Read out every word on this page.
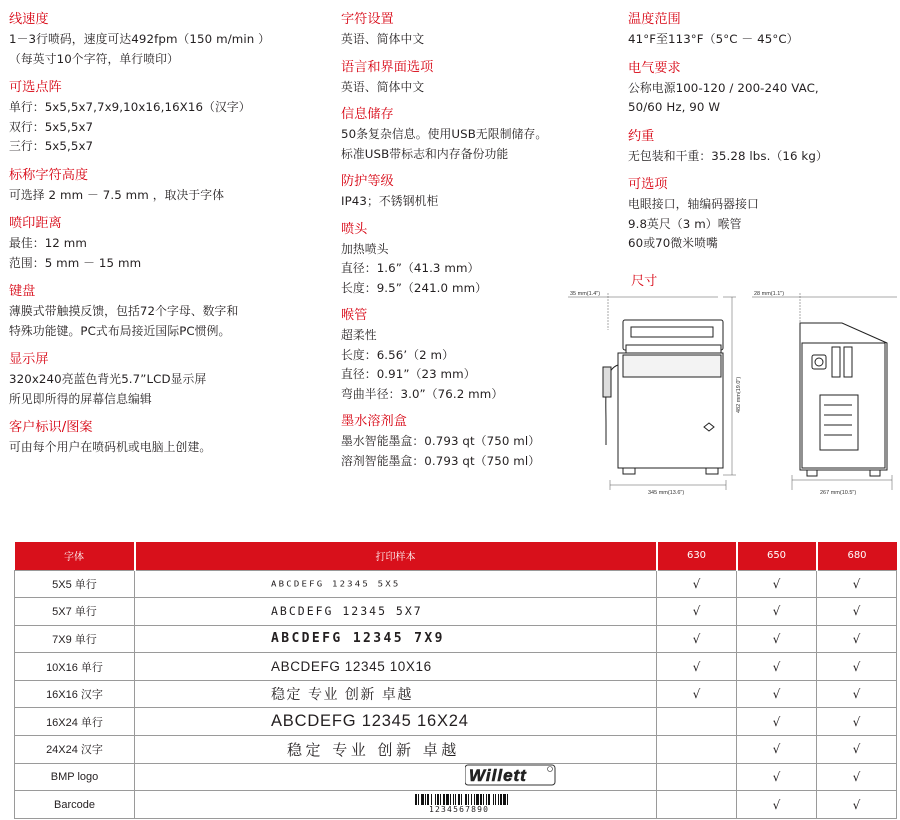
线速度
1－3行喷码，速度可达492fpm（150 m/min ）
（每英寸10个字符，单行喷印）
可选点阵
单行：5x5,5x7,7x9,10x16,16X16（汉字）
双行：5x5,5x7
三行：5x5,5x7
标称字符高度
可选择 2 mm － 7.5 mm ，取决于字体
喷印距离
最佳：12 mm
范围：5 mm － 15 mm
键盘
薄膜式带触摸反馈，包括72个字母、数字和
特殊功能键。PC式布局接近国际PC惯例。
显示屏
320x240亮蓝色背光5.7”LCD显示屏
所见即所得的屏幕信息编辑
客户标识/图案
可由每个用户在喷码机或电脑上创建。
字符设置
英语、简体中文
语言和界面选项
英语、简体中文
信息储存
50条复杂信息。使用USB无限制储存。
标准USB带标志和内存备份功能
防护等级
IP43；不锈钢机柜
喷头
加热喷头
直径：1.6”（41.3 mm）
长度：9.5”（241.0 mm）
喉管
超柔性
长度：6.56’（2 m）
直径：0.91”（23 mm）
弯曲半径：3.0”（76.2 mm）
墨水溶剂盒
墨水智能墨盒：0.793 qt（750 ml）
溶剂智能墨盒：0.793 qt（750 ml）
温度范围
41°F至113°F（5°C － 45°C）
电气要求
公称电源100-120 / 200-240 VAC,
50/60 Hz, 90 W
约重
无包装和干重：35.28 lbs.（16 kg）
可选项
电眼接口，轴编码器接口
9.8英尺（3 m）喉管
60或70微米喷嘴
尺寸
35 mm(1.4")
482 mm(19.0")
345 mm(13.6")
28 mm(1.1")
267 mm(10.5")
字体	打印样本	630	650	680
5X5 单行	ABCDEFG 12345 5X5	√	√	√
5X7 单行	ABCDEFG 12345 5X7	√	√	√
7X9 单行	ABCDEFG 12345 7X9	√	√	√
10X16 单行	ABCDEFG 12345 10X16	√	√	√
16X16 汉字	稳定 专业 创新 卓越	√	√	√
16X24 单行	ABCDEFG 12345 16X24		√	√
24X24 汉字	稳定 专业 创新 卓越		√	√
BMP logo	Willett		√	√
Barcode	1234567890		√	√
